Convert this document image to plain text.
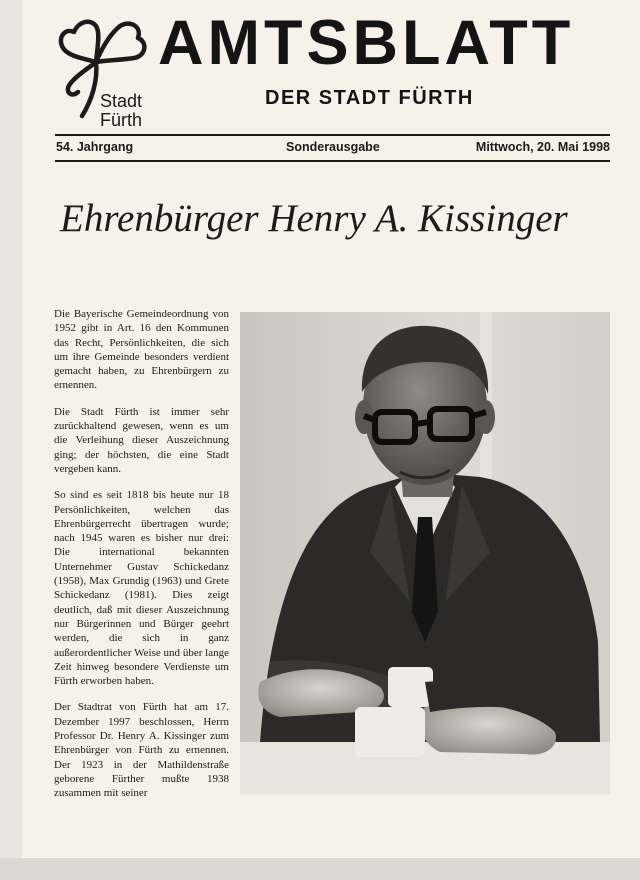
Stadt
Fürth
AMTSBLATT
DER STADT FÜRTH
54. Jahrgang	Sonderausgabe	Mittwoch, 20. Mai 1998
Ehrenbürger Henry A. Kissinger

Die Bayerische Gemeindeordnung von 1952 gibt in Art. 16 den Kommunen das Recht, Persönlichkeiten, die sich um ihre Gemeinde besonders verdient gemacht haben, zu Ehrenbürgern zu ernennen.

Die Stadt Fürth ist immer sehr zurückhaltend gewesen, wenn es um die Verleihung dieser Auszeichnung ging; der höchsten, die eine Stadt vergeben kann.

So sind es seit 1818 bis heute nur 18 Persönlichkeiten, welchen das Ehrenbürgerrecht übertragen wurde; nach 1945 waren es bisher nur drei: Die international bekannten Unternehmer Gustav Schickedanz (1958), Max Grundig (1963) und Grete Schickedanz (1981). Dies zeigt deutlich, daß mit dieser Auszeichnung nur Bürgerinnen und Bürger geehrt werden, die sich in ganz außerordentlicher Weise und über lange Zeit hinweg besondere Verdienste um Fürth erworben haben.

Der Stadtrat von Fürth hat am 17. Dezember 1997 beschlossen, Herrn Professor Dr. Henry A. Kissinger zum Ehrenbürger von Fürth zu ernennen. Der 1923 in der Mathildenstraße geborene Fürther mußte 1938 zusammen mit seiner
